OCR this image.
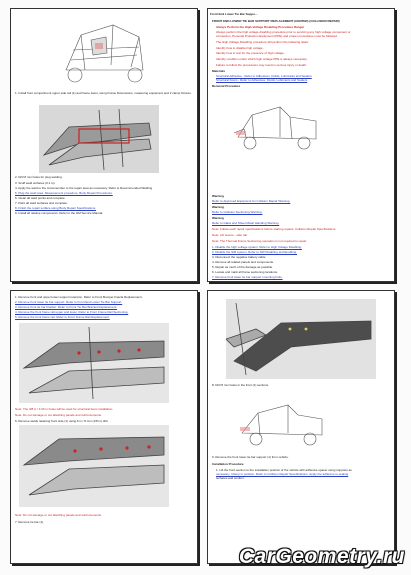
1. Install front compartment upper side rail (1) and frame lower, using Frame Dimensions, measuring equipment and 2 clamp fixtures.
2. Drill 8 mm holes for plug welding.
3. Scuff weld surfaces (0.1 in).
4. Apply the weld to the crossmember to the repair area as necessary. Refer to Recommended Welding
5. Plug the weld area. Measurement procedure. Body Repair Procedures.
6. Clean all weld points and complete.
7. Paint all weld surfaces and complete.
8. Finish the repair surface using Body Repair Specifications.
9. Install all relative components. Refer to the GM Service Manual.
Front End Lower Tie Bar Suppo...
FRONT END LOWER TIE BAR SUPPORT REPLACEMENT (CENTER) (COLLISION REPAIR)
Always Perform the High-Voltage Disabling Procedure Danger
Always perform the high voltage disabling procedure prior to servicing any high voltage component or
connection. Personal Protection Equipment (PPE) and proper procedures must be followed.
The High Voltage Disabling procedure will perform the following tasks:
Identify how to disable high voltage.
Identify how to test for the presence of high voltage.
Identify condition under which high voltage PPE is always necessary.
Failure to follow the procedures may result in serious injury or death.
Materials
Structural Adhesive - Refer to Adhesives, Fluids, Lubricants and Sealers
Structural Foam - Refer to Adhesives, Fluids, Lubricants and Sealers
Removal Procedure
Warning
Refer to Approved Equipment for Collision Repair Warning.
Warning
Refer to Collision Sectioning Warning.
Warning
Refer to Glass and Sheet Metal Handling Warning.
Note: Follow each repair specifications before starting repairs. Collision Repair Specifications.
Note: Lift secure - side rail.
Note: The Thermal Frame Sectioning operation is not required to repair.
1. Disable the high voltage system. Refer to High Voltage Disabling.
2. Disable the SIR system. Refer to SIR Disabling and Enabling.
3. Disconnect the negative battery cable.
4. Remove all related panels and components.
5. Repair as much of the damage as possible.
6. Locate and mark all frame sectioning locations.
7. Remove front lower tie bar support mounting bolts.
1. Remove front and upper lower support retention. Refer to Front Bumper Fascia Replacement.
2. Remove front lower tie bar support. Refer to Front End Lower Tie Bar Support.
3. Remove front tie bar bracket. Refer to Front Tie Bar Bracket Replacement.
4. Remove the front frame rail upper and lower. Refer to Front Frame Rail Sectioning.
5. Remove the front frame rail. Refer to Front Frame Rail Replacement.
Note: The 3/8 in / 1/16 in holes will be used for structural foam installation.
Note: Do not damage or cut attaching panels and reinforcements.
6. Remove welds retaining front side (1) using 6 in / 8 mm (1/8 in) drill.
Note: Do not damage or cut attaching panels and reinforcements.
7. Remove tie bar (1).
8. Drill 8 mm holes in the front (1) sections.
9. Remove the front lower tie bar support (1) from vehicle.
Installation Procedure
1. Lift the front section to the installation position of the vehicle with adhesive spacer using supports as
necessary. Clamp in position. Refer to Collision Repair Specifications. Apply the adhesive to sealing
surfaces and confirm.
CarGeometry.ru
